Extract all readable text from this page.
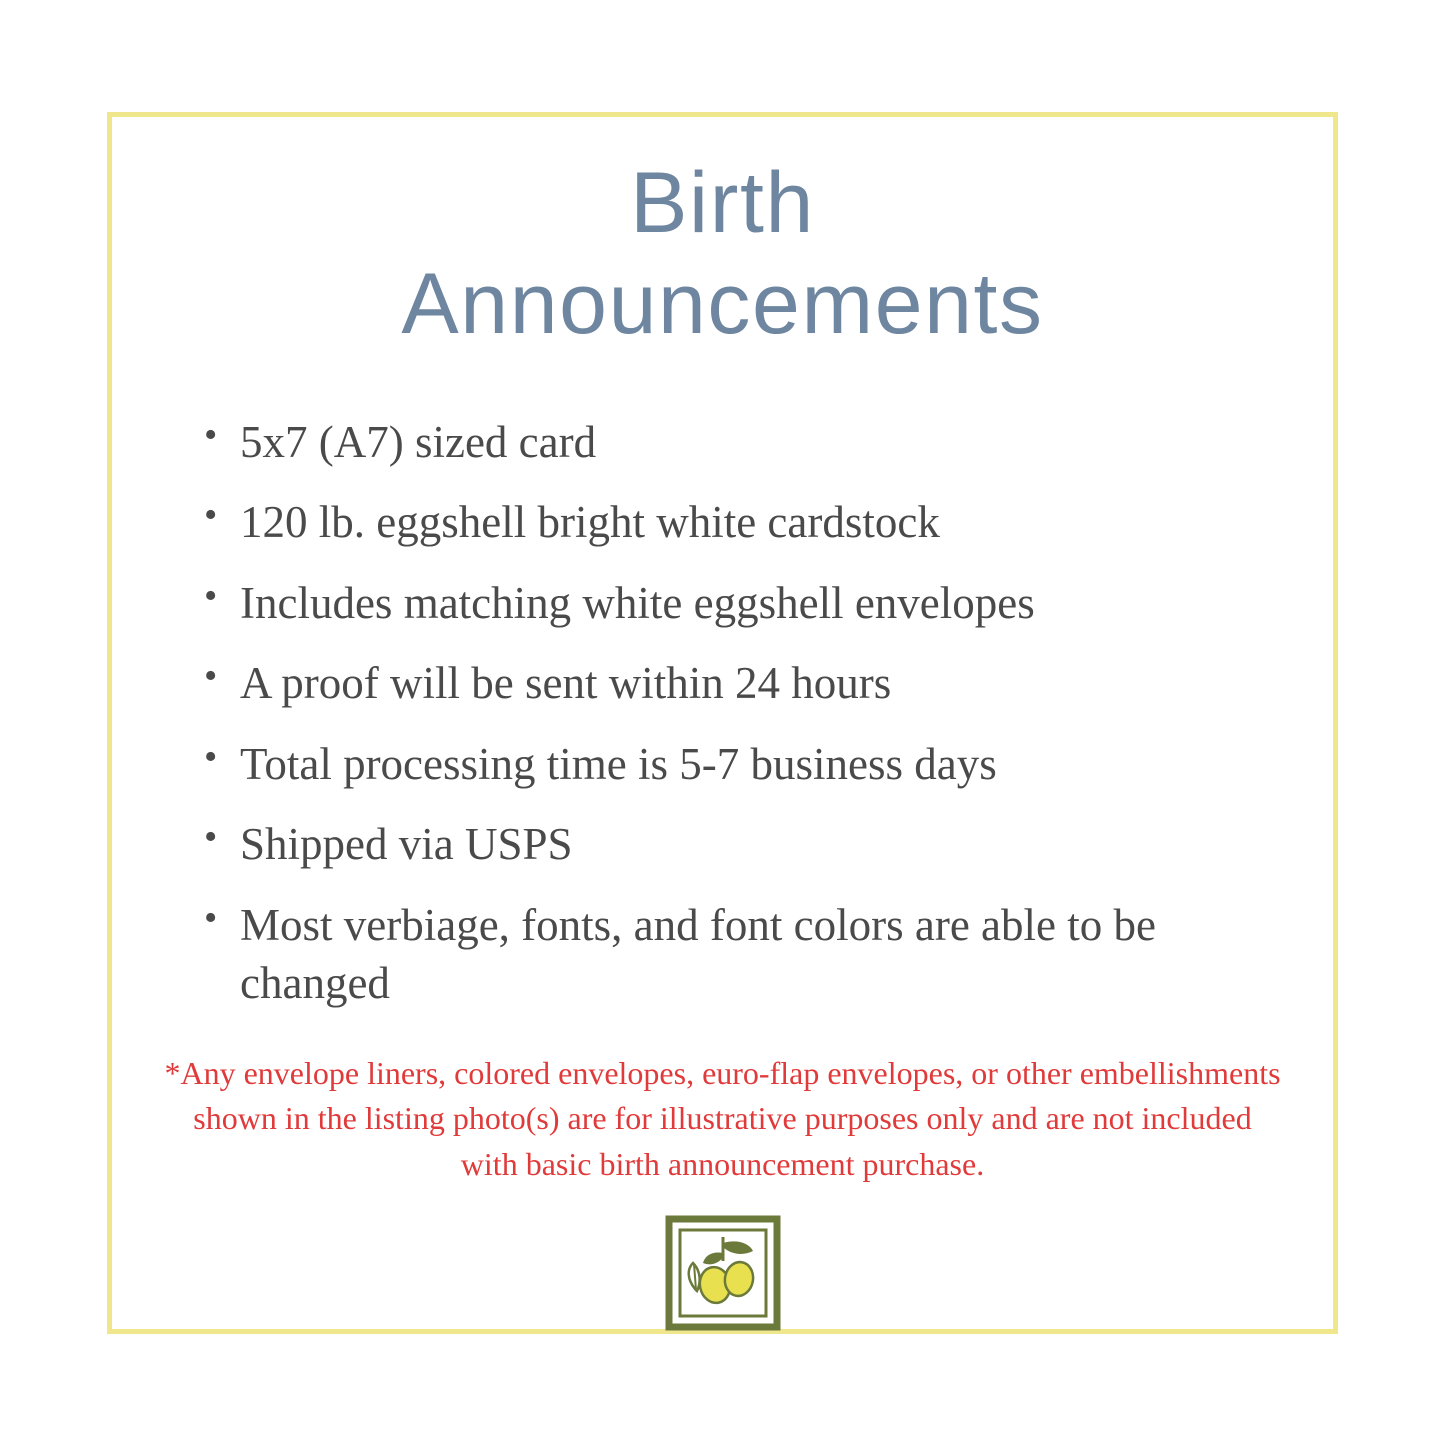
Birth
Announcements
• 5x7 (A7) sized card
• 120 lb. eggshell bright white cardstock
• Includes matching white eggshell envelopes
• A proof will be sent within 24 hours
• Total processing time is 5-7 business days
• Shipped via USPS
• Most verbiage, fonts, and font colors are able to be changed
*Any envelope liners, colored envelopes, euro-flap envelopes, or other embellishments shown in the listing photo(s) are for illustrative purposes only and are not included with basic birth announcement purchase.
